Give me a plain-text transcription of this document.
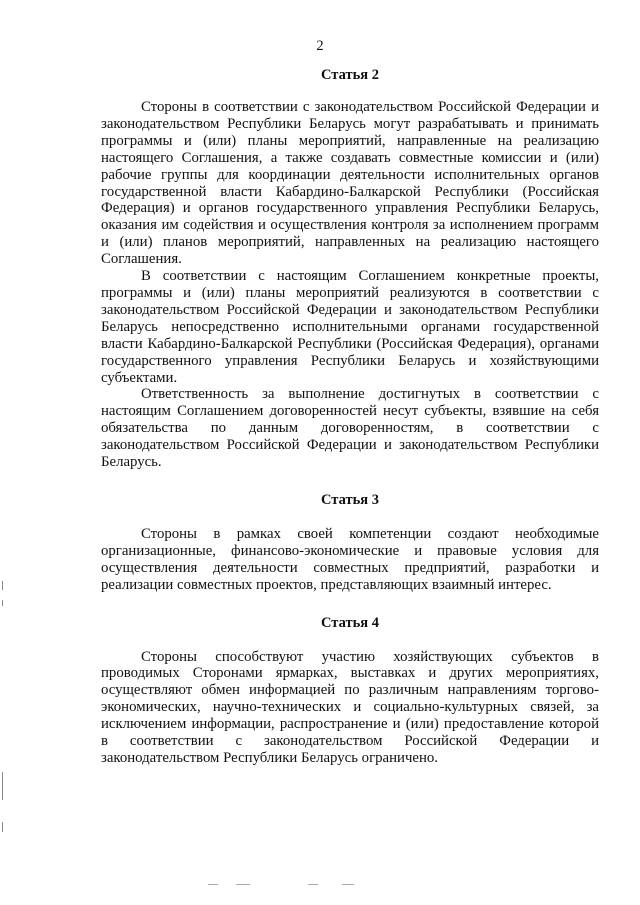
2
Статья 2

Стороны в соответствии с законодательством Российской Федерации и законодательством Республики Беларусь могут разрабатывать и принимать программы и (или) планы мероприятий, направленные на реализацию настоящего Соглашения, а также создавать совместные комиссии и (или) рабочие группы для координации деятельности исполнительных органов государственной власти Кабардино-Балкарской Республики (Российская Федерация) и органов государственного управления Республики Беларусь, оказания им содействия и осуществления контроля за исполнением программ и (или) планов мероприятий, направленных на реализацию настоящего Соглашения.

В соответствии с настоящим Соглашением конкретные проекты, программы и (или) планы мероприятий реализуются в соответствии с законодательством Российской Федерации и законодательством Республики Беларусь непосредственно исполнительными органами государственной власти Кабардино-Балкарской Республики (Российская Федерация), органами государственного управления Республики Беларусь и хозяйствующими субъектами.

Ответственность за выполнение достигнутых в соответствии с настоящим Соглашением договоренностей несут субъекты, взявшие на себя обязательства по данным договоренностям, в соответствии с законодательством Российской Федерации и законодательством Республики Беларусь.

Статья 3

Стороны в рамках своей компетенции создают необходимые организационные, финансово-экономические и правовые условия для осуществления деятельности совместных предприятий, разработки и реализации совместных проектов, представляющих взаимный интерес.

Статья 4

Стороны способствуют участию хозяйствующих субъектов в проводимых Сторонами ярмарках, выставках и других мероприятиях, осуществляют обмен информацией по различным направлениям торгово-экономических, научно-технических и социально-культурных связей, за исключением информации, распространение и (или) предоставление которой в соответствии с законодательством Российской Федерации и законодательством Республики Беларусь ограничено.
